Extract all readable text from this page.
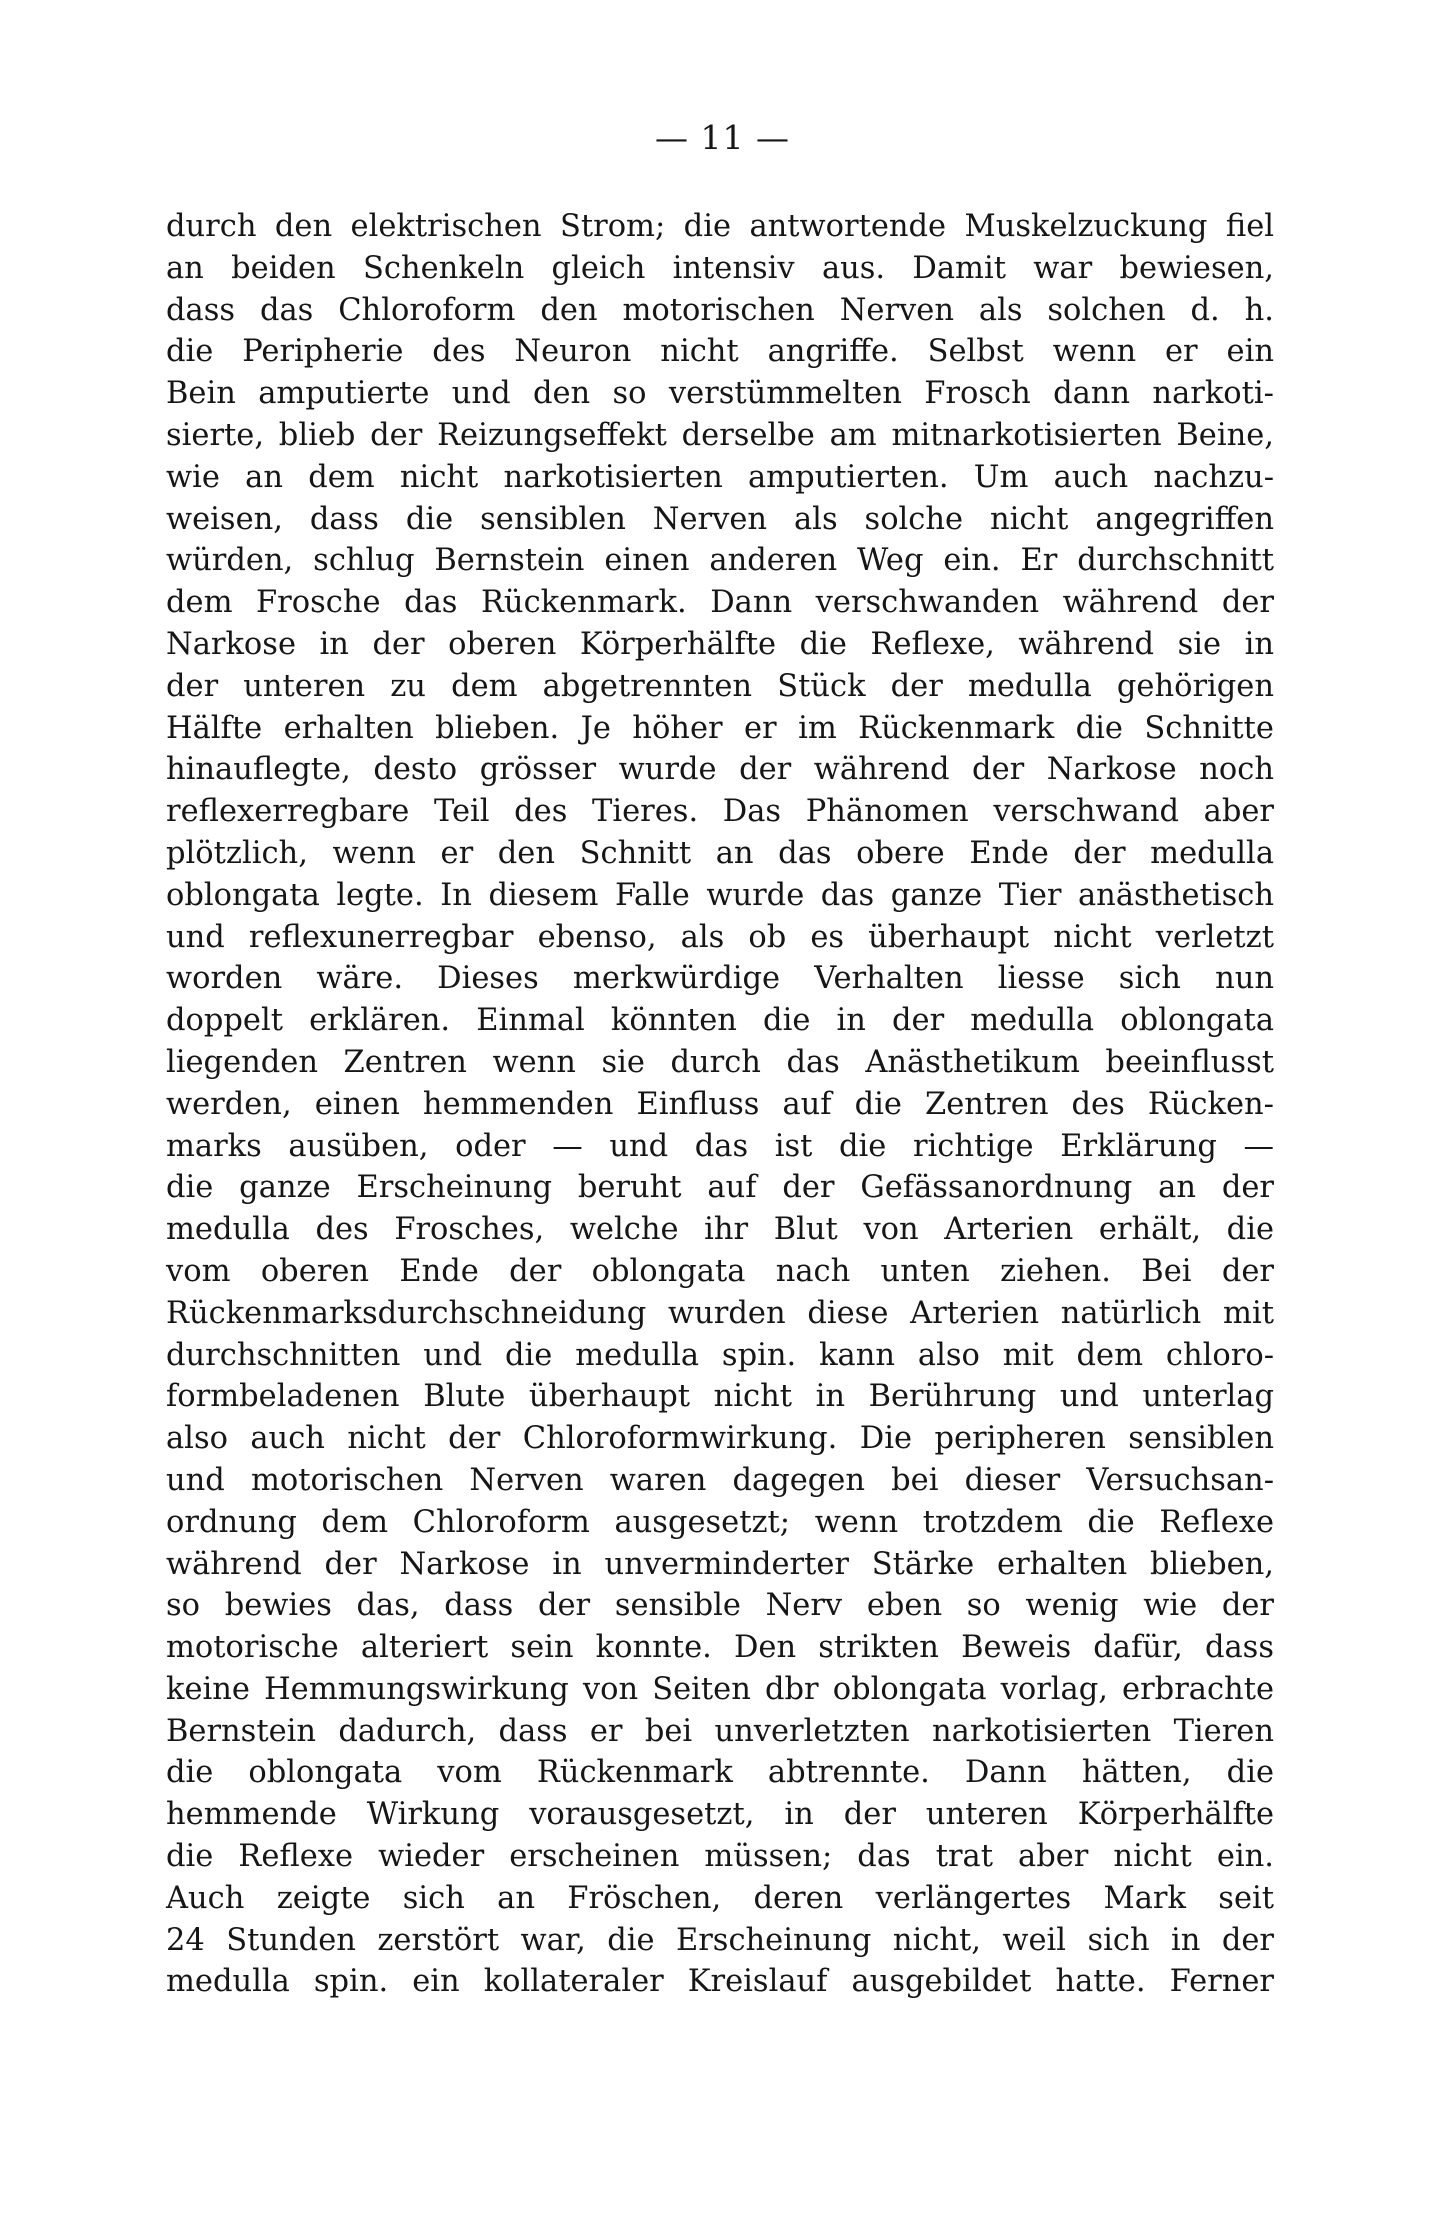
— 11 —
durch den elektrischen Strom; die antwortende Muskelzuckung fiel
an beiden Schenkeln gleich intensiv aus. Damit war bewiesen,
dass das Chloroform den motorischen Nerven als solchen d. h.
die Peripherie des Neuron nicht angriffe. Selbst wenn er ein
Bein amputierte und den so verstümmelten Frosch dann narkoti-
sierte, blieb der Reizungseffekt derselbe am mitnarkotisierten Beine,
wie an dem nicht narkotisierten amputierten. Um auch nachzu-
weisen, dass die sensiblen Nerven als solche nicht angegriffen
würden, schlug Bernstein einen anderen Weg ein. Er durchschnitt
dem Frosche das Rückenmark. Dann verschwanden während der
Narkose in der oberen Körperhälfte die Reflexe, während sie in
der unteren zu dem abgetrennten Stück der medulla gehörigen
Hälfte erhalten blieben. Je höher er im Rückenmark die Schnitte
hinauflegte, desto grösser wurde der während der Narkose noch
reflexerregbare Teil des Tieres. Das Phänomen verschwand aber
plötzlich, wenn er den Schnitt an das obere Ende der medulla
oblongata legte. In diesem Falle wurde das ganze Tier anästhetisch
und reflexunerregbar ebenso, als ob es überhaupt nicht verletzt
worden wäre. Dieses merkwürdige Verhalten liesse sich nun
doppelt erklären. Einmal könnten die in der medulla oblongata
liegenden Zentren wenn sie durch das Anästhetikum beeinflusst
werden, einen hemmenden Einfluss auf die Zentren des Rücken-
marks ausüben, oder — und das ist die richtige Erklärung —
die ganze Erscheinung beruht auf der Gefässanordnung an der
medulla des Frosches, welche ihr Blut von Arterien erhält, die
vom oberen Ende der oblongata nach unten ziehen. Bei der
Rückenmarksdurchschneidung wurden diese Arterien natürlich mit
durchschnitten und die medulla spin. kann also mit dem chloro-
formbeladenen Blute überhaupt nicht in Berührung und unterlag
also auch nicht der Chloroformwirkung. Die peripheren sensiblen
und motorischen Nerven waren dagegen bei dieser Versuchsan-
ordnung dem Chloroform ausgesetzt; wenn trotzdem die Reflexe
während der Narkose in unverminderter Stärke erhalten blieben,
so bewies das, dass der sensible Nerv eben so wenig wie der
motorische alteriert sein konnte. Den strikten Beweis dafür, dass
keine Hemmungswirkung von Seiten dbr oblongata vorlag, erbrachte
Bernstein dadurch, dass er bei unverletzten narkotisierten Tieren
die oblongata vom Rückenmark abtrennte. Dann hätten, die
hemmende Wirkung vorausgesetzt, in der unteren Körperhälfte
die Reflexe wieder erscheinen müssen; das trat aber nicht ein.
Auch zeigte sich an Fröschen, deren verlängertes Mark seit
24 Stunden zerstört war, die Erscheinung nicht, weil sich in der
medulla spin. ein kollateraler Kreislauf ausgebildet hatte. Ferner
